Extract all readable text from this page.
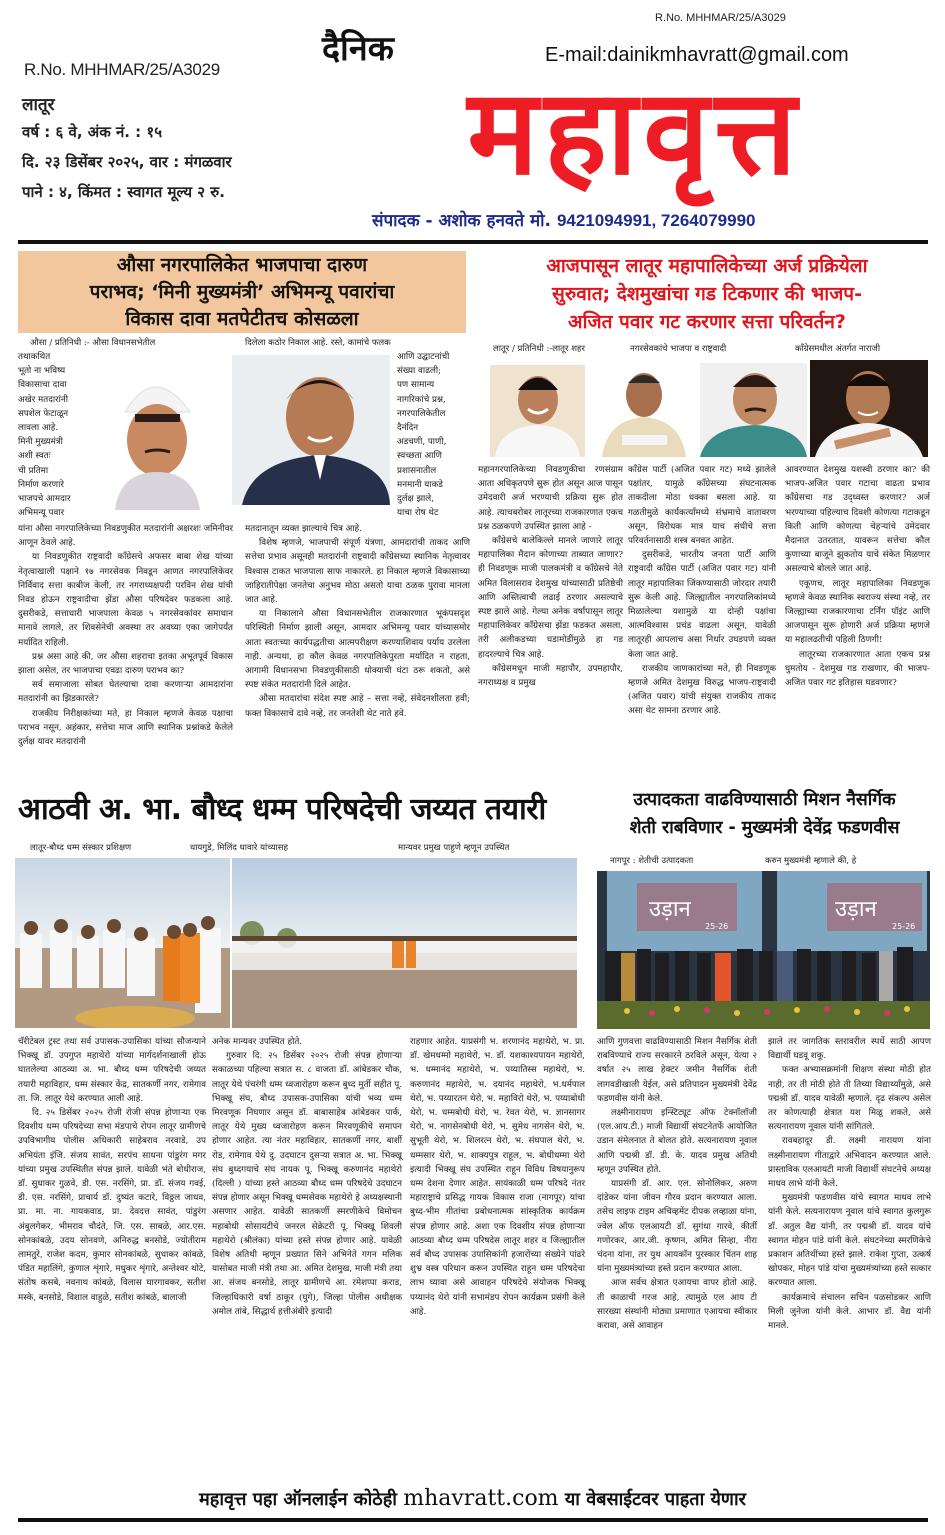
R.No. MHHMAR/25/A3029
R.No. MHHMAR/25/A3029
लातूर
वर्ष : ६ वे, अंक नं. : १५
दि. २३ डिसेंबर २०२५, वार : मंगळवार
पाने : ४, किंमत : स्वागत मूल्य २ रु.
दैनिक	E-mail:dainikmhavratt@gmail.com
महावृत्त
संपादक - अशोक हनवते मो. 9421094991, 7264079990
औसा नगरपालिकेत भाजपाचा दारुण
पराभव; ‘मिनी मुख्यमंत्री’ अभिमन्यू पवारांचा
विकास दावा मतपेटीतच कोसळला
औसा / प्रतिनिधी :- औसा विधानसभेतील	दिलेला कठोर निकाल आहे. रस्ते, कामांचे फलक
तथाकथित
भूतो ना भविष्य
विकासाचा दावा
अखेर मतदारांनी
सपशेल फेटाळून
लावला आहे.
मिनी मुख्यमंत्री
अशी स्वतः
ची प्रतिमा
निर्माण करणारे
भाजपचे आमदार
अभिमन्यू पवार
आणि उद्घाटनांची
संख्या वाढली;
पण सामान्य
नागरिकांचे प्रश्न,
नगरपालिकेतील
दैनंदिन
अडचणी, पाणी,
स्वच्छता आणि
प्रशासनातील
मनमानी याकडे
दुर्लक्ष झाले,
याचा रोष थेट

यांना औसा नगरपालिकेच्या निवडणुकीत मतदारांनी अक्षरशः जमिनीवर आणून ठेवले आहे.

या निवडणुकीत राष्ट्रवादी कॉंग्रेसचे अफसर बाबा शेख यांच्या नेतृत्वाखाली पक्षाने १७ नगरसेवक निवडून आणत नगरपालिकेवर निर्विवाद सत्ता काबीज केली, तर नगराध्यक्षपदी परविन शेख यांची निवड होऊन राष्ट्रवादीचा झेंडा औसा परिषदेवर फडकला आहे. दुसरीकडे, सत्ताधारी भाजपाला केवळ ५ नगरसेवकांवर समाधान मानावे लागले, तर शिवसेनेची अवस्था तर अवघ्या एका जागेपर्यंत मर्यादित राहिली.

प्रश्न असा आहे की, जर औसा शहराचा इतका अभूतपूर्व विकास झाला असेल, तर भाजपाचा एवढा दारुण पराभव का?

सर्व समाजाला सोबत घेतल्याचा दावा करणाऱ्या आमदारांना मतदारांनी का झिडकारले?

राजकीय निरीक्षकांच्या मते, हा निकाल म्हणजे केवळ पक्षाचा पराभव नसून, अहंकार, सत्तेचा माज आणि स्थानिक प्रश्नांकडे केलेले दुर्लक्ष यावर मतदारांनी

मतदानातून व्यक्त झाल्याचे चित्र आहे.

विशेष म्हणजे, भाजपाची संपूर्ण यंत्रणा, आमदारांची ताकद आणि सत्तेचा प्रभाव असूनही मतदारांनी राष्ट्रवादी कॉंग्रेसच्या स्थानिक नेतृत्वावर विश्वास टाकत भाजपाला साफ नाकारले. हा निकाल म्हणजे विकासाच्या जाहिरातीपेक्षा जनतेचा अनुभव मोठा असतो याचा ठळक पुरावा मानला जात आहे.

या निकालाने औसा विधानसभेतील राजकारणात भूकंपसदृश परिस्थिती निर्माण झाली असून, आमदार अभिमन्यू पवार यांच्यासमोर आता स्वतःच्या कार्यपद्धतीचा आत्मपरीक्षण करण्याशिवाय पर्याय उरलेला नाही. अन्यथा, हा कौल केवळ नगरपालिकेपुरता मर्यादित न राहता, आगामी विधानसभा निवडणुकीसाठी धोक्याची घंटा ठरू शकतो, असे स्पष्ट संकेत मतदारांनी दिले आहेत.

औसा मतदारांचा संदेश स्पष्ट आहे – सत्ता नव्हे, संवेदनशीलता हवी; फक्त विकासाचे दावे नव्हे, तर जनतेशी थेट नाते हवे.

आजपासून लातूर महापालिकेच्या अर्ज प्रक्रियेला
सुरुवात; देशमुखांचा गड टिकणार की भाजप-
अजित पवार गट करणार सत्ता परिवर्तन?
लातूर / प्रतिनिधी :-लातूर शहर	नगरसेवकांचे भाजपा व राष्ट्रवादी	कॉंग्रेसमधील अंतर्गत नाराजी

महानगरपालिकेच्या निवडणुकीचा रणसंग्राम आता अधिकृतपणे सुरू होत असून आज पासून उमेदवारी अर्ज भरण्याची प्रक्रिया सुरू होत आहे. त्याचबरोबर लातूरच्या राजकारणात एकच प्रश्न ठळकपणे उपस्थित झाला आहे -

कॉंग्रेसचे बालेकिल्ले मानले जाणारे लातूर महापालिका मैदान कोणाच्या ताब्यात जाणार? ही निवडणूक माजी पालकमंत्री व कॉंग्रेसचे नेते अमित विलासराव देशमुख यांच्यासाठी प्रतिष्ठेची आणि अस्तित्वाची लढाई ठरणार असल्याचे स्पष्ट झाले आहे. गेल्या अनेक वर्षांपासून लातूर महापालिकेवर कॉंग्रेसचा झेंडा फडकत असला, तरी अलीकडच्या घडामोडींमुळे हा गड हादरल्याचे चित्र आहे.

कॉंग्रेसमधून माजी महापौर, उपमहापौर, नगराध्यक्ष व प्रमुख

कॉंग्रेस पार्टी (अजित पवार गट) मध्ये झालेले पक्षांतर, यामुळे कॉंग्रेसच्या संघटनात्मक ताकदीला मोठा धक्का बसला आहे. या गळतीमुळे कार्यकर्त्यांमध्ये संभ्रमाचे वातावरण असून, विरोधक मात्र याच संधीचे सत्ता परिवर्तनासाठी शस्त्र बनवत आहेत.

दुसरीकडे, भारतीय जनता पार्टी आणि राष्ट्रवादी कॉंग्रेस पार्टी (अजित पवार गट) यांनी लातूर महापालिका जिंकण्यासाठी जोरदार तयारी सुरू केली आहे. जिल्ह्यातील नगरपालिकांमध्ये मिळालेल्या यशामुळे या दोन्ही पक्षांचा आत्मविश्वास प्रचंड वाढला असून, यावेळी लातूरही आपलाच असा निर्धार उघडपणे व्यक्त केला जात आहे.

राजकीय जाणकारांच्या मते, ही निवडणूक म्हणजे अमित देशमुख विरुद्ध भाजप-राष्ट्रवादी (अजित पवार) यांची संयुक्त राजकीय ताकद असा थेट सामना ठरणार आहे.

आवरण्यात देशमुख यशस्वी ठरणार का? की भाजप-अजित पवार गटाचा वाढता प्रभाव कॉंग्रेसचा गड उद्ध्वस्त करणार? अर्ज भरण्याच्या पहिल्याच दिवशी कोणत्या गटाकडून किती आणि कोणत्या चेहऱ्यांचे उमेदवार मैदानात उतरतात, यावरून सत्तेचा कौल कुणाच्या बाजूने झुकतोय याचे संकेत मिळणार असल्याचे बोलले जात आहे.

एकूणच, लातूर महापालिका निवडणूक म्हणजे केवळ स्थानिक स्वराज्य संस्था नव्हे, तर जिल्ह्याच्या राजकारणाचा टर्निंग पॉइंट आणि आजपासून सुरू होणारी अर्ज प्रक्रिया म्हणजे या महालढतीची पहिली ठिणगी!

लातूरच्या राजकारणात आता एकच प्रश्न घुमतोय - देशमुख गड राखणार, की भाजप-अजित पवार गट इतिहास घडवणार?

आठवी अ. भा. बौध्द धम्म परिषदेची जय्यत तयारी
लातूर-बौध्द धम्म संस्कार प्रशिक्षण	धायगुडे, मिलिंद धावारे यांच्यासह	मान्यवर प्रमुख पाहुणे म्हणून उपस्थित

चॅरीटेबल ट्रस्ट तथा सर्व उपासक-उपासिका यांच्या सौजन्याने भिक्खू डॉ. उपगुप्त महाथेरो यांच्या मार्गदर्शनाखाली होऊ घातलेल्या आठव्या अ. भा. बौध्द धम्म परिषदेची जय्यत तयारी महाविहार, धम्म संस्कार केंद्र, सातकर्णी नगर, रामेगाव ता. जि. लातूर येथे करण्यात आली आहे.

दि. २५ डिसेंबर २०२५ रोजी रोजी संपन्न होणाऱ्या एक दिवशीय धम्म परिषदेच्या सभा मंडपाचे रोपन लातूर ग्रामीणचे उपविभागीय पोलीस अधिकारी साहेबराव नरवाडे, उप अभियंता इंजि. संजय सावंत, सरपंच साधना पांडुरंग मगर यांच्या प्रमुख उपस्थितीत संपन्न झाले. यावेळी भंते बोधीराज, डॉ. सुधाकर गुळवे, डी. एस. नरसिंगे, प्रा. डॉ. संजय गवई, डी. एस. नरसिंगे, प्राचार्य डॉ. दुष्यंत कटारे, विठ्ठल जाधव, प्रा. मा. ना. गायकवाड, प्रा. देवदत्त सावंत, पांडुरंग अंबुलगेकर, भीमराव चौदंते, जि. एस. साबळे, आर.एस. सोनकांबळे, उदय सोनवणे, अनिरुद्ध बनसोडे, ज्योतीराम लामतुरे, राजेश कदम, कुमार सोनकांबळे, सुधाकर कांबळे, पंडित महालिंगे, कुणाल शृंगारे, मधुकर शृंगारे, अन्तेश्वर थोटे, संतोष कसबे, नवनाथ कांबळे, विलास घारगावकर, सतीश मस्के, बनसोडे, विशाल वाहुळे, सतीश कांबळे, बालाजी

अनेक मान्यवर उपस्थित होते.

गुरुवार दि. २५ डिसेंबर २०२५ रोजी संपन्न होणाऱ्या सकाळच्या पहिल्या सत्रात स. ८ वाजता डॉ. आंबेडकर चौक, लातूर येथे पंचरंगी धम्म ध्वजारोहण करून बुध्द मुर्ती सहीत पू. भिक्खू संघ, बौध्द उपासक-उपासिका यांची भव्य धम्म मिरवणूक निघणार असून डॉ. बाबासाहेब आंबेडकर पार्क, लातूर येथे मुख्य ध्वजारोहण करून मिरवणूकीचे समापन होणार आहेत. त्या नंतर महाविहार, सातकर्णी नगर, बार्शी रोड, रामेगाव येथे दु. उदघाटन दुसऱ्या सत्रात अ. भा. भिक्खू संघ बुध्दगयाचे संघ नायक पू. भिक्खू करुणानंद महाथेरो (दिल्ली ) यांच्या हस्ते आठव्या बौध्द धम्म परिषदेचे उदघाटन संपन्न होणार असून भिक्खू धम्मसेवक महाथेरो हे अध्यक्षस्थानी असणार आहेत. यावेळी सातकर्णी स्मरणीकेचे विमोचन महाबोधी सोसायटीचे जनरल सेक्रेटरी पू. भिक्खू शिवली महाथेरो (श्रीलंका) यांच्या हस्ते संपन्न होणार आहे. यावेळी विशेष अतिथी म्हणून प्रख्यात सिने अभिनेते गगन मलिक यासोबत माजी मंत्री तथा आ. अमित देशमुख, माजी मंत्री तथा आ. संजय बनसोडे, लातूर ग्रामीणचे आ. रमेशप्पा कराड, जिल्हाधिकारी वर्षा ठाकूर (घुगे), जिल्हा पोलीस अधीक्षक अमोल तांबे, सिद्धार्थ हत्तीअंबीरे इत्यादी

राहणार आहेत. याप्रसंगी भ. शरणानंद महाथेरो, भ. प्रा. डॉ. खेमधम्मो महाथेरो, भ. डॉ. यशकाश्यपायन महाथेरो, भ. धम्मानंद महाथेरो, भ. पय्यातिस्स महाथेरो, भ. करुणानंद महाथेरो, भ. दयानंद महाथेरो, भ.धर्मपाल थेरो, भ. पय्यारतन थेरो, भ. महाविरो थेरो, भ. पय्याबोधी थेरो, भ. धम्मबोधी थेरो, भ. रेवत थेरो, भ. ज्ञानसागर थेरो, भ. नागसेनबोधी थेरो, भ. सुमेध नागसेन थेरो, भ. सुभूती थेरो, भ. शिलरत्न थेरो, भ. संघपाल थेरो, भ. धम्मसार थेरो, भ. शाक्यपुत्र राहूल, भ. बोधीधम्मा थेरो इत्यादी भिक्खू संघ उपस्थित राहून विविध विषयानुरूप धम्म देशना देणार आहेत. सायंकाळी धम्म परिषदे नंतर महाराष्ट्राचे प्रसिद्ध गायक विकास राजा (नागपूर) यांचा बुध्द-भीम गीतांचा प्रबोधनात्मक सांस्कृतिक कार्यक्रम संपन्न होणार आहे. अशा एक दिवशीय संपन्न होणाऱ्या आठव्या बौध्द धम्म परिषदेस लातूर शहर व जिल्ह्यातील सर्व बौध्द उपासक उपासिकांनी हजारोंच्या संख्येने पांढरे शुभ्र वस्त्र परिधान करून उपस्थित राहून धम्म परिषदेचा लाभ घ्यावा असे आवाहन परिषदेचे संयोजक भिक्खू पय्यानंद थेरो यांनी सभामंडप रोपन कार्यक्रम प्रसंगी केले आहे.

उत्पादकता वाढविण्यासाठी मिशन नैसर्गिक
शेती राबविणार - मुख्यमंत्री देवेंद्र फडणवीस
नागपूर : शेतीची उत्पादकता	करुन मुख्यमंत्री म्हणाले की, हे
उड़ान	उड़ान
25-26	25-26

आणि गुणवत्ता वाढविण्यासाठी मिशन नैसर्गिक शेती राबविण्याचे राज्य सरकारने ठरविले असून, येत्या २ वर्षात २५ लाख हेक्टर जमीन नैसर्गिक शेती लागवडीखाली येईल, असे प्रतिपादन मुख्यमंत्री देवेंद्र फडणवीस यांनी केले.

लक्ष्मीनारायण इन्स्टिट्यूट ऑफ टेक्नॉलॉजी (एल.आय.टी.) माजी विद्यार्थी संघटनेतर्फे आयोजित उडान संमेलनात ते बोलत होते. सत्यनारायण नूवाल आणि पद्मश्री डॉ. डी. के. यादव प्रमुख अतिथी म्हणून उपस्थित होते.

याप्रसंगी डॉ. आर. एल. सोनोलिकर, अरुण दांडेकर यांना जीवन गौरव प्रदान करण्यात आला. तसेच लाइफ टाइम अचिव्हमेंट दीपक लव्हाळा यांना, ज्वेल ऑफ एलआयटी डॉ. सुगंधा गारवे, कीर्ती गणोरकर, आर.जी. कृष्णन, अमित सिन्हा, नीरा चंदना यांना, तर युथ आयकॉन पुरस्कार चिंतन शाह यांना मुख्यमंत्र्यांच्या हस्ते प्रदान करण्यात आला.

आज सर्वच क्षेत्रात एआयचा वापर होतो आहे. ती काळाची गरज आहे, त्यामुळे एल आय टी सारख्या संस्थांनी मोठ्या प्रमाणात एआयचा स्वीकार करावा, असे आवाहन

झाले तर जागतिक स्तरावरील स्पर्धे साठी आपण विद्यार्थी घडवू शकू.

फक्त अभ्यासक्रमांनी शिक्षण संस्था मोठी होत नाही, तर ती मोठी होते ती तिच्या विद्यार्थ्यांमुळे, असे पद्मश्री डॉ. यादव यावेळी म्हणाले. दृढ संकल्प असेल तर कोणत्याही क्षेत्रात यश मिळू शकते, असे सत्यनारायण नूवाल यांनी सांगितले.

रावबहादूर डी. लक्ष्मी नारायण यांना लक्ष्मीनारायण गीताद्वारे अभिवादन करण्यात आले. प्रास्ताविक एलआयटी माजी विद्यार्थी संघटनेचे अध्यक्ष माधव लाभे यांनी केले.

मुख्यमंत्री फडणवीस यांचे स्वागत माधव लाभे यांनी केले. सत्यनारायण नूवाल यांचे स्वागत कुलगुरू डॉ. अतुल वैद्य यांनी, तर पद्मश्री डॉ. यादव यांचे स्वागत मोहन पांडे यांनी केले. संघटनेच्या स्मरणिकेचे प्रकाशन अतिथींच्या हस्ते झाले. राकेश गुप्ता, उत्कर्ष खोपकर, मोहन पांडे यांचा मुख्यमंत्र्यांच्या हस्ते सत्कार करण्यात आला.

कार्यक्रमाचे संचालन सचिन पळसोडकर आणि मिली जुनेजा यांनी केले. आभार डॉ. वैद्य यांनी मानले.

महावृत्त पहा ऑनलाईन कोठेही mhavratt.com या वेबसाईटवर पाहता येणार
